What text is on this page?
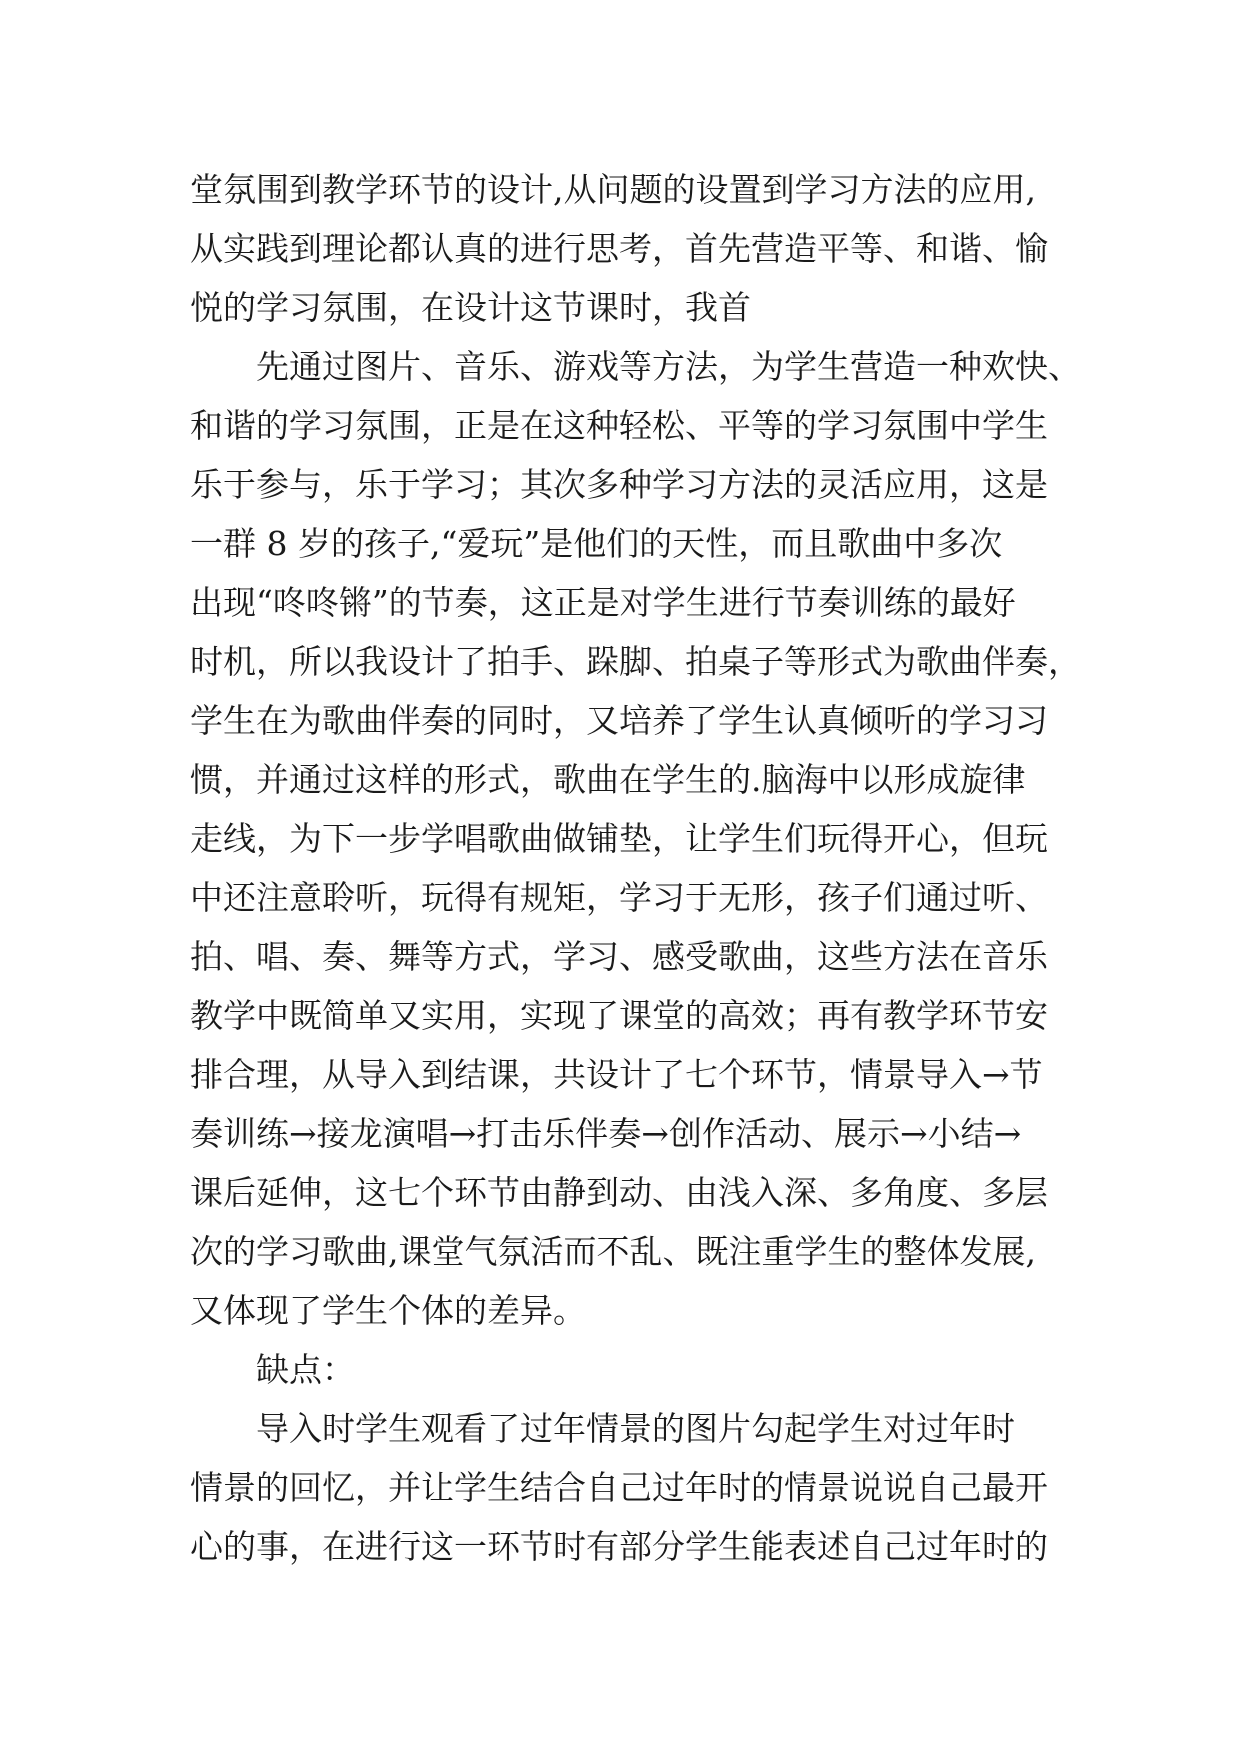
堂氛围到教学环节的设计,从问题的设置到学习方法的应用,
从实践到理论都认真的进行思考，首先营造平等、和谐、愉
悦的学习氛围，在设计这节课时，我首
先通过图片、音乐、游戏等方法，为学生营造一种欢快、
和谐的学习氛围，正是在这种轻松、平等的学习氛围中学生
乐于参与，乐于学习；其次多种学习方法的灵活应用，这是
一群 8 岁的孩子,“爱玩”是他们的天性，而且歌曲中多次
出现“咚咚锵”的节奏，这正是对学生进行节奏训练的最好
时机，所以我设计了拍手、跺脚、拍桌子等形式为歌曲伴奏，
学生在为歌曲伴奏的同时，又培养了学生认真倾听的学习习
惯，并通过这样的形式，歌曲在学生的.脑海中以形成旋律
走线，为下一步学唱歌曲做铺垫，让学生们玩得开心，但玩
中还注意聆听，玩得有规矩，学习于无形，孩子们通过听、
拍、唱、奏、舞等方式，学习、感受歌曲，这些方法在音乐
教学中既简单又实用，实现了课堂的高效；再有教学环节安
排合理，从导入到结课，共设计了七个环节，情景导入→节
奏训练→接龙演唱→打击乐伴奏→创作活动、展示→小结→
课后延伸，这七个环节由静到动、由浅入深、多角度、多层
次的学习歌曲,课堂气氛活而不乱、既注重学生的整体发展,
又体现了学生个体的差异。
缺点：
导入时学生观看了过年情景的图片勾起学生对过年时
情景的回忆，并让学生结合自己过年时的情景说说自己最开
心的事，在进行这一环节时有部分学生能表述自己过年时的
